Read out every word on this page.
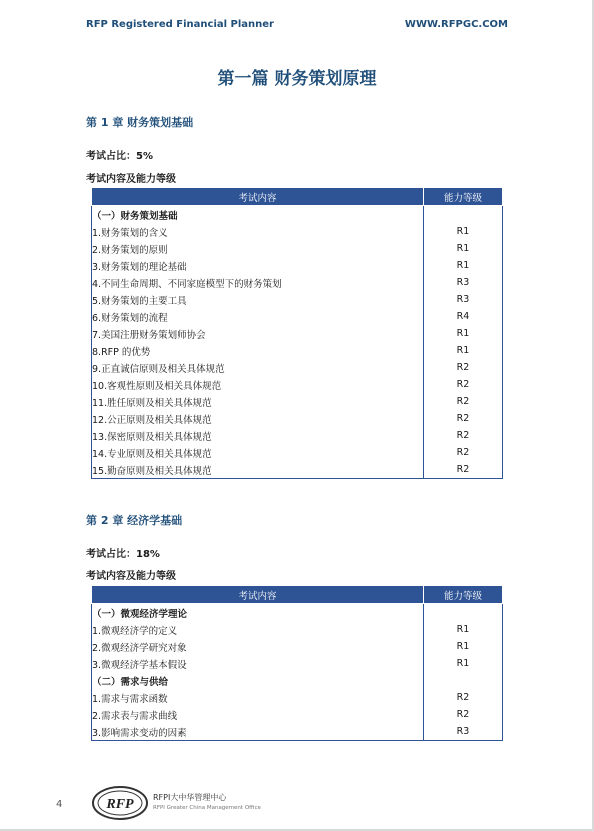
RFP Registered Financial Planner	WWW.RFPGC.COM
第一篇 财务策划原理
第 1 章 财务策划基础
考试占比：5%
考试内容及能力等级
考试内容	能力等级
（一）财务策划基础	
1.财务策划的含义	R1
2.财务策划的原则	R1
3.财务策划的理论基础	R1
4.不同生命周期、不同家庭模型下的财务策划	R3
5.财务策划的主要工具	R3
6.财务策划的流程	R4
7.美国注册财务策划师协会	R1
8.RFP 的优势	R1
9.正直诚信原则及相关具体规范	R2
10.客观性原则及相关具体规范	R2
11.胜任原则及相关具体规范	R2
12.公正原则及相关具体规范	R2
13.保密原则及相关具体规范	R2
14.专业原则及相关具体规范	R2
15.勤奋原则及相关具体规范	R2
第 2 章 经济学基础
考试占比：18%
考试内容及能力等级
考试内容	能力等级
（一）微观经济学理论	
1.微观经济学的定义	R1
2.微观经济学研究对象	R1
3.微观经济学基本假设	R1
（二）需求与供给	
1.需求与需求函数	R2
2.需求表与需求曲线	R2
3.影响需求变动的因素	R3
4	RFP RFPI大中华管理中心
RFPI Greater China Management Office
